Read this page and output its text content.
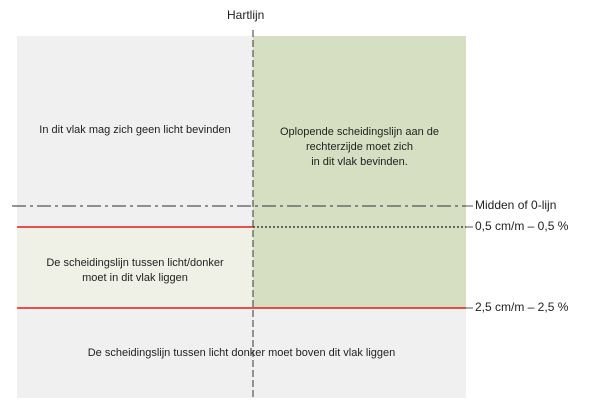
Hartlijn
In dit vlak mag zich geen licht bevinden	Oplopende scheidingslijn aan de
rechterzijde moet zich
in dit vlak bevinden.
De scheidingslijn tussen licht/donker
moet in dit vlak liggen
De scheidingslijn tussen licht donker moet boven dit vlak liggen
Midden of 0-lijn
0,5 cm/m – 0,5 %
2,5 cm/m – 2,5 %
